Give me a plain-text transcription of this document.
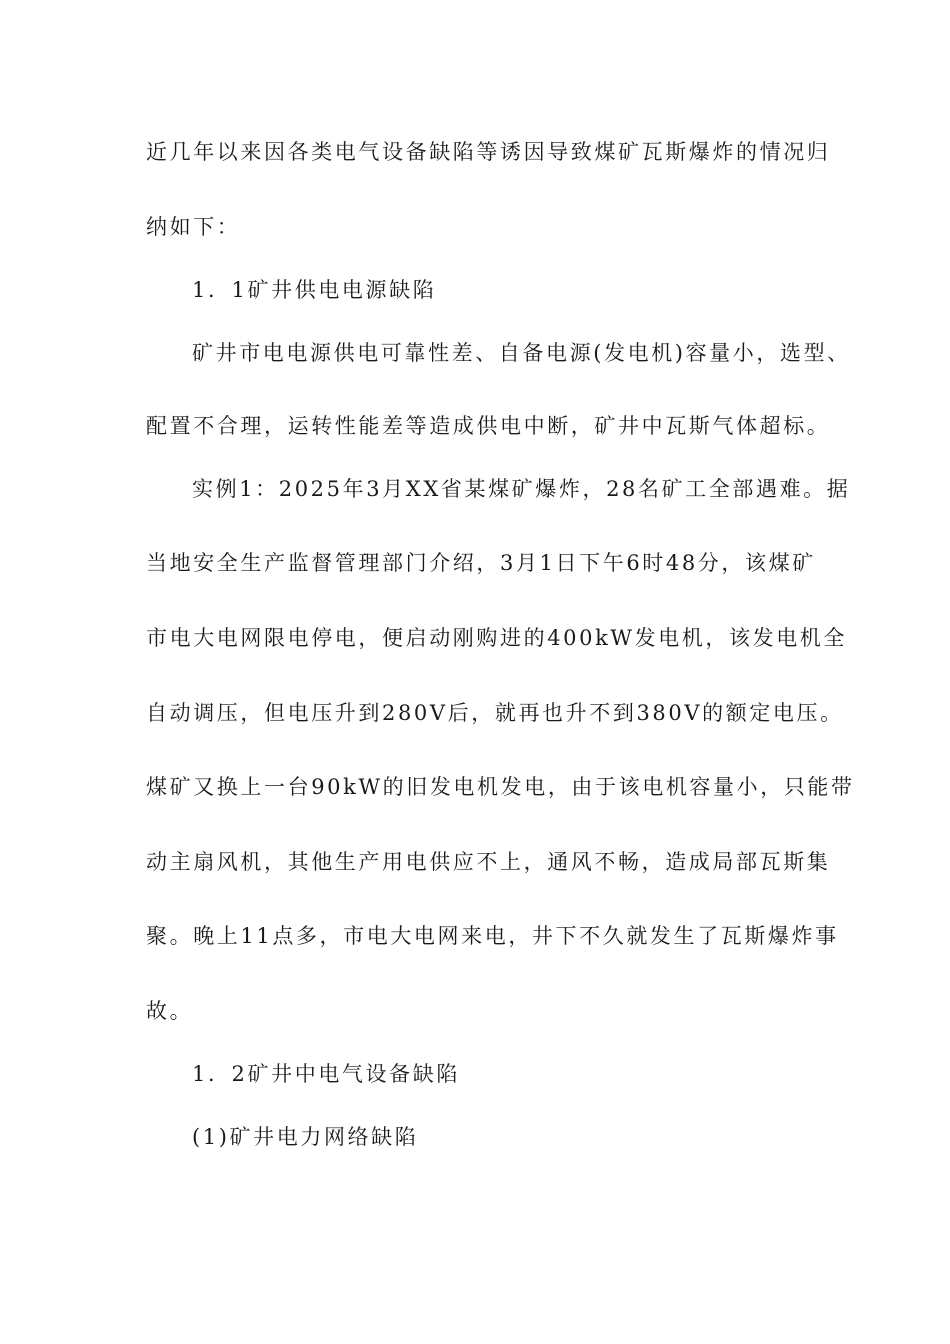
近几年以来因各类电气设备缺陷等诱因导致煤矿瓦斯爆炸的情况归
纳如下：
1．1矿井供电电源缺陷
矿井市电电源供电可靠性差、自备电源(发电机)容量小，选型、
配置不合理，运转性能差等造成供电中断，矿井中瓦斯气体超标。
实例1：2025年3月XX省某煤矿爆炸，28名矿工全部遇难。据
当地安全生产监督管理部门介绍，3月1日下午6时48分，该煤矿
市电大电网限电停电，便启动刚购进的400kW发电机，该发电机全
自动调压，但电压升到280V后，就再也升不到380V的额定电压。
煤矿又换上一台90kW的旧发电机发电，由于该电机容量小，只能带
动主扇风机，其他生产用电供应不上，通风不畅，造成局部瓦斯集
聚。晚上11点多，市电大电网来电，井下不久就发生了瓦斯爆炸事
故。
1．2矿井中电气设备缺陷
(1)矿井电力网络缺陷
